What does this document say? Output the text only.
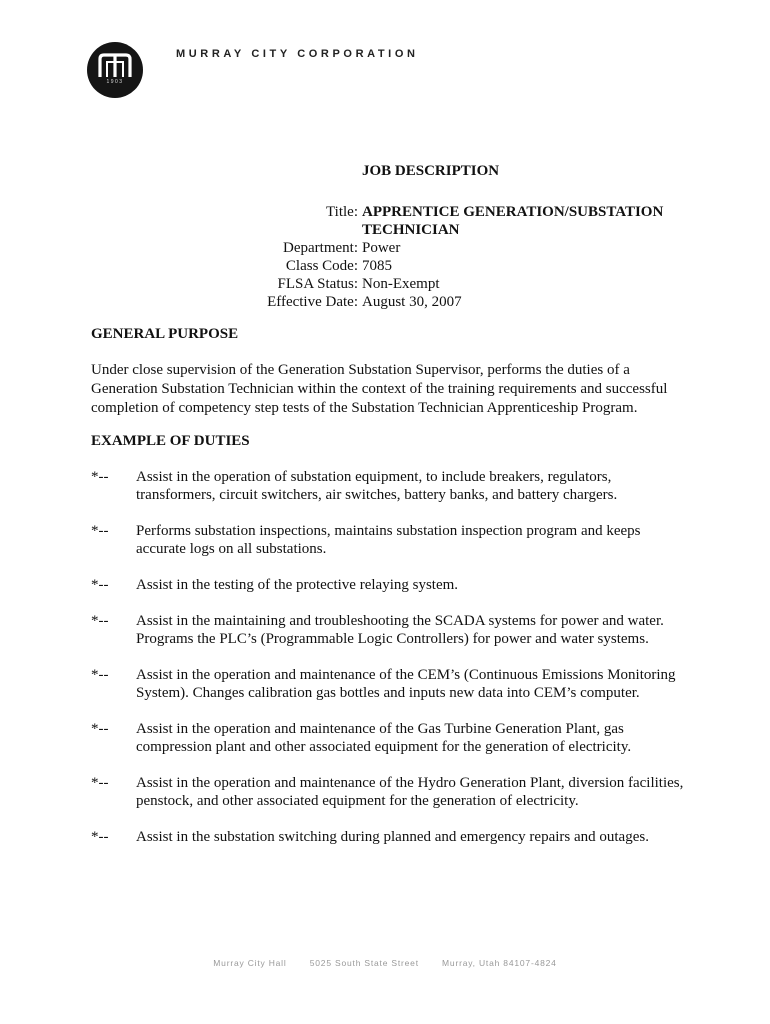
1903
MURRAY CITY CORPORATION
JOB DESCRIPTION
Title: APPRENTICE GENERATION/SUBSTATION TECHNICIAN
Department: Power
Class Code: 7085
FLSA Status: Non-Exempt
Effective Date: August 30, 2007
GENERAL PURPOSE
Under close supervision of the Generation Substation Supervisor, performs the duties of a Generation Substation Technician within the context of the training requirements and successful completion of competency step tests of the Substation Technician Apprenticeship Program.
EXAMPLE OF DUTIES
*--	Assist in the operation of substation equipment, to include breakers, regulators, transformers, circuit switchers, air switches, battery banks, and battery chargers.
*--	Performs substation inspections, maintains substation inspection program and keeps accurate logs on all substations.
*--	Assist in the testing of the protective relaying system.
*--	Assist in the maintaining and troubleshooting the SCADA systems for power and water. Programs the PLC’s (Programmable Logic Controllers) for power and water systems.
*--	Assist in the operation and maintenance of the CEM’s (Continuous Emissions Monitoring System). Changes calibration gas bottles and inputs new data into CEM’s computer.
*--	Assist in the operation and maintenance of the Gas Turbine Generation Plant, gas compression plant and other associated equipment for the generation of electricity.
*--	Assist in the operation and maintenance of the Hydro Generation Plant, diversion facilities, penstock, and other associated equipment for the generation of electricity.
*--	Assist in the substation switching during planned and emergency repairs and outages.
Murray City Hall	5025 South State Street	Murray, Utah 84107-4824
